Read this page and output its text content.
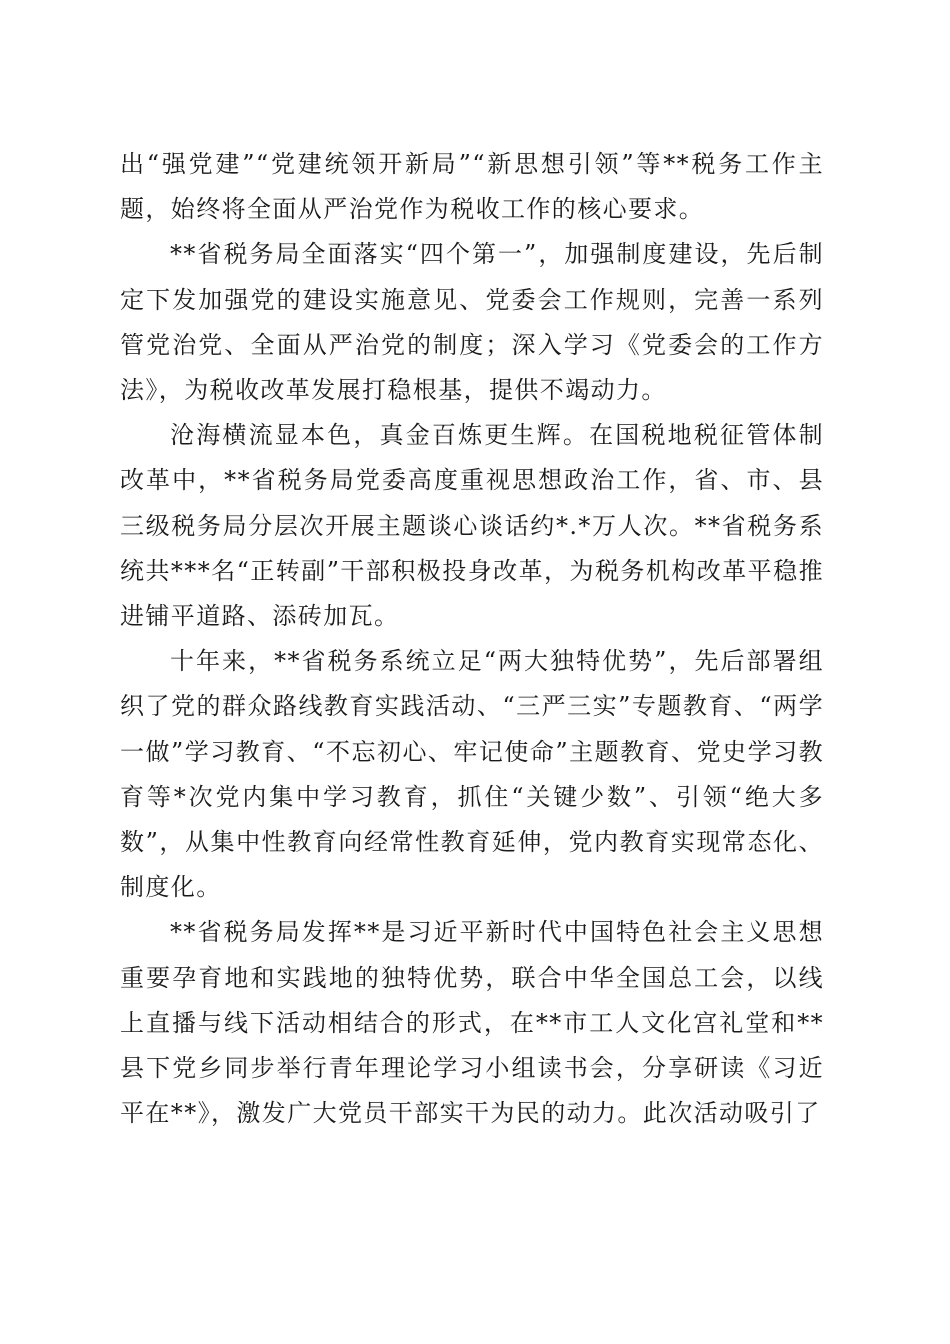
出“强党建”“党建统领开新局”“新思想引领”等**税务工作主题，始终将全面从严治党作为税收工作的核心要求。

**省税务局全面落实“四个第一”，加强制度建设，先后制定下发加强党的建设实施意见、党委会工作规则，完善一系列管党治党、全面从严治党的制度；深入学习《党委会的工作方法》，为税收改革发展打稳根基，提供不竭动力。

沧海横流显本色，真金百炼更生辉。在国税地税征管体制改革中，**省税务局党委高度重视思想政治工作，省、市、县三级税务局分层次开展主题谈心谈话约*.*万人次。**省税务系统共***名“正转副”干部积极投身改革，为税务机构改革平稳推进铺平道路、添砖加瓦。

十年来，**省税务系统立足“两大独特优势”，先后部署组织了党的群众路线教育实践活动、“三严三实”专题教育、“两学一做”学习教育、“不忘初心、牢记使命”主题教育、党史学习教育等*次党内集中学习教育，抓住“关键少数”、引领“绝大多数”，从集中性教育向经常性教育延伸，党内教育实现常态化、制度化。

**省税务局发挥**是习近平新时代中国特色社会主义思想重要孕育地和实践地的独特优势，联合中华全国总工会，以线上直播与线下活动相结合的形式，在**市工人文化宫礼堂和**县下党乡同步举行青年理论学习小组读书会，分享研读《习近平在**》，激发广大党员干部实干为民的动力。此次活动吸引了
